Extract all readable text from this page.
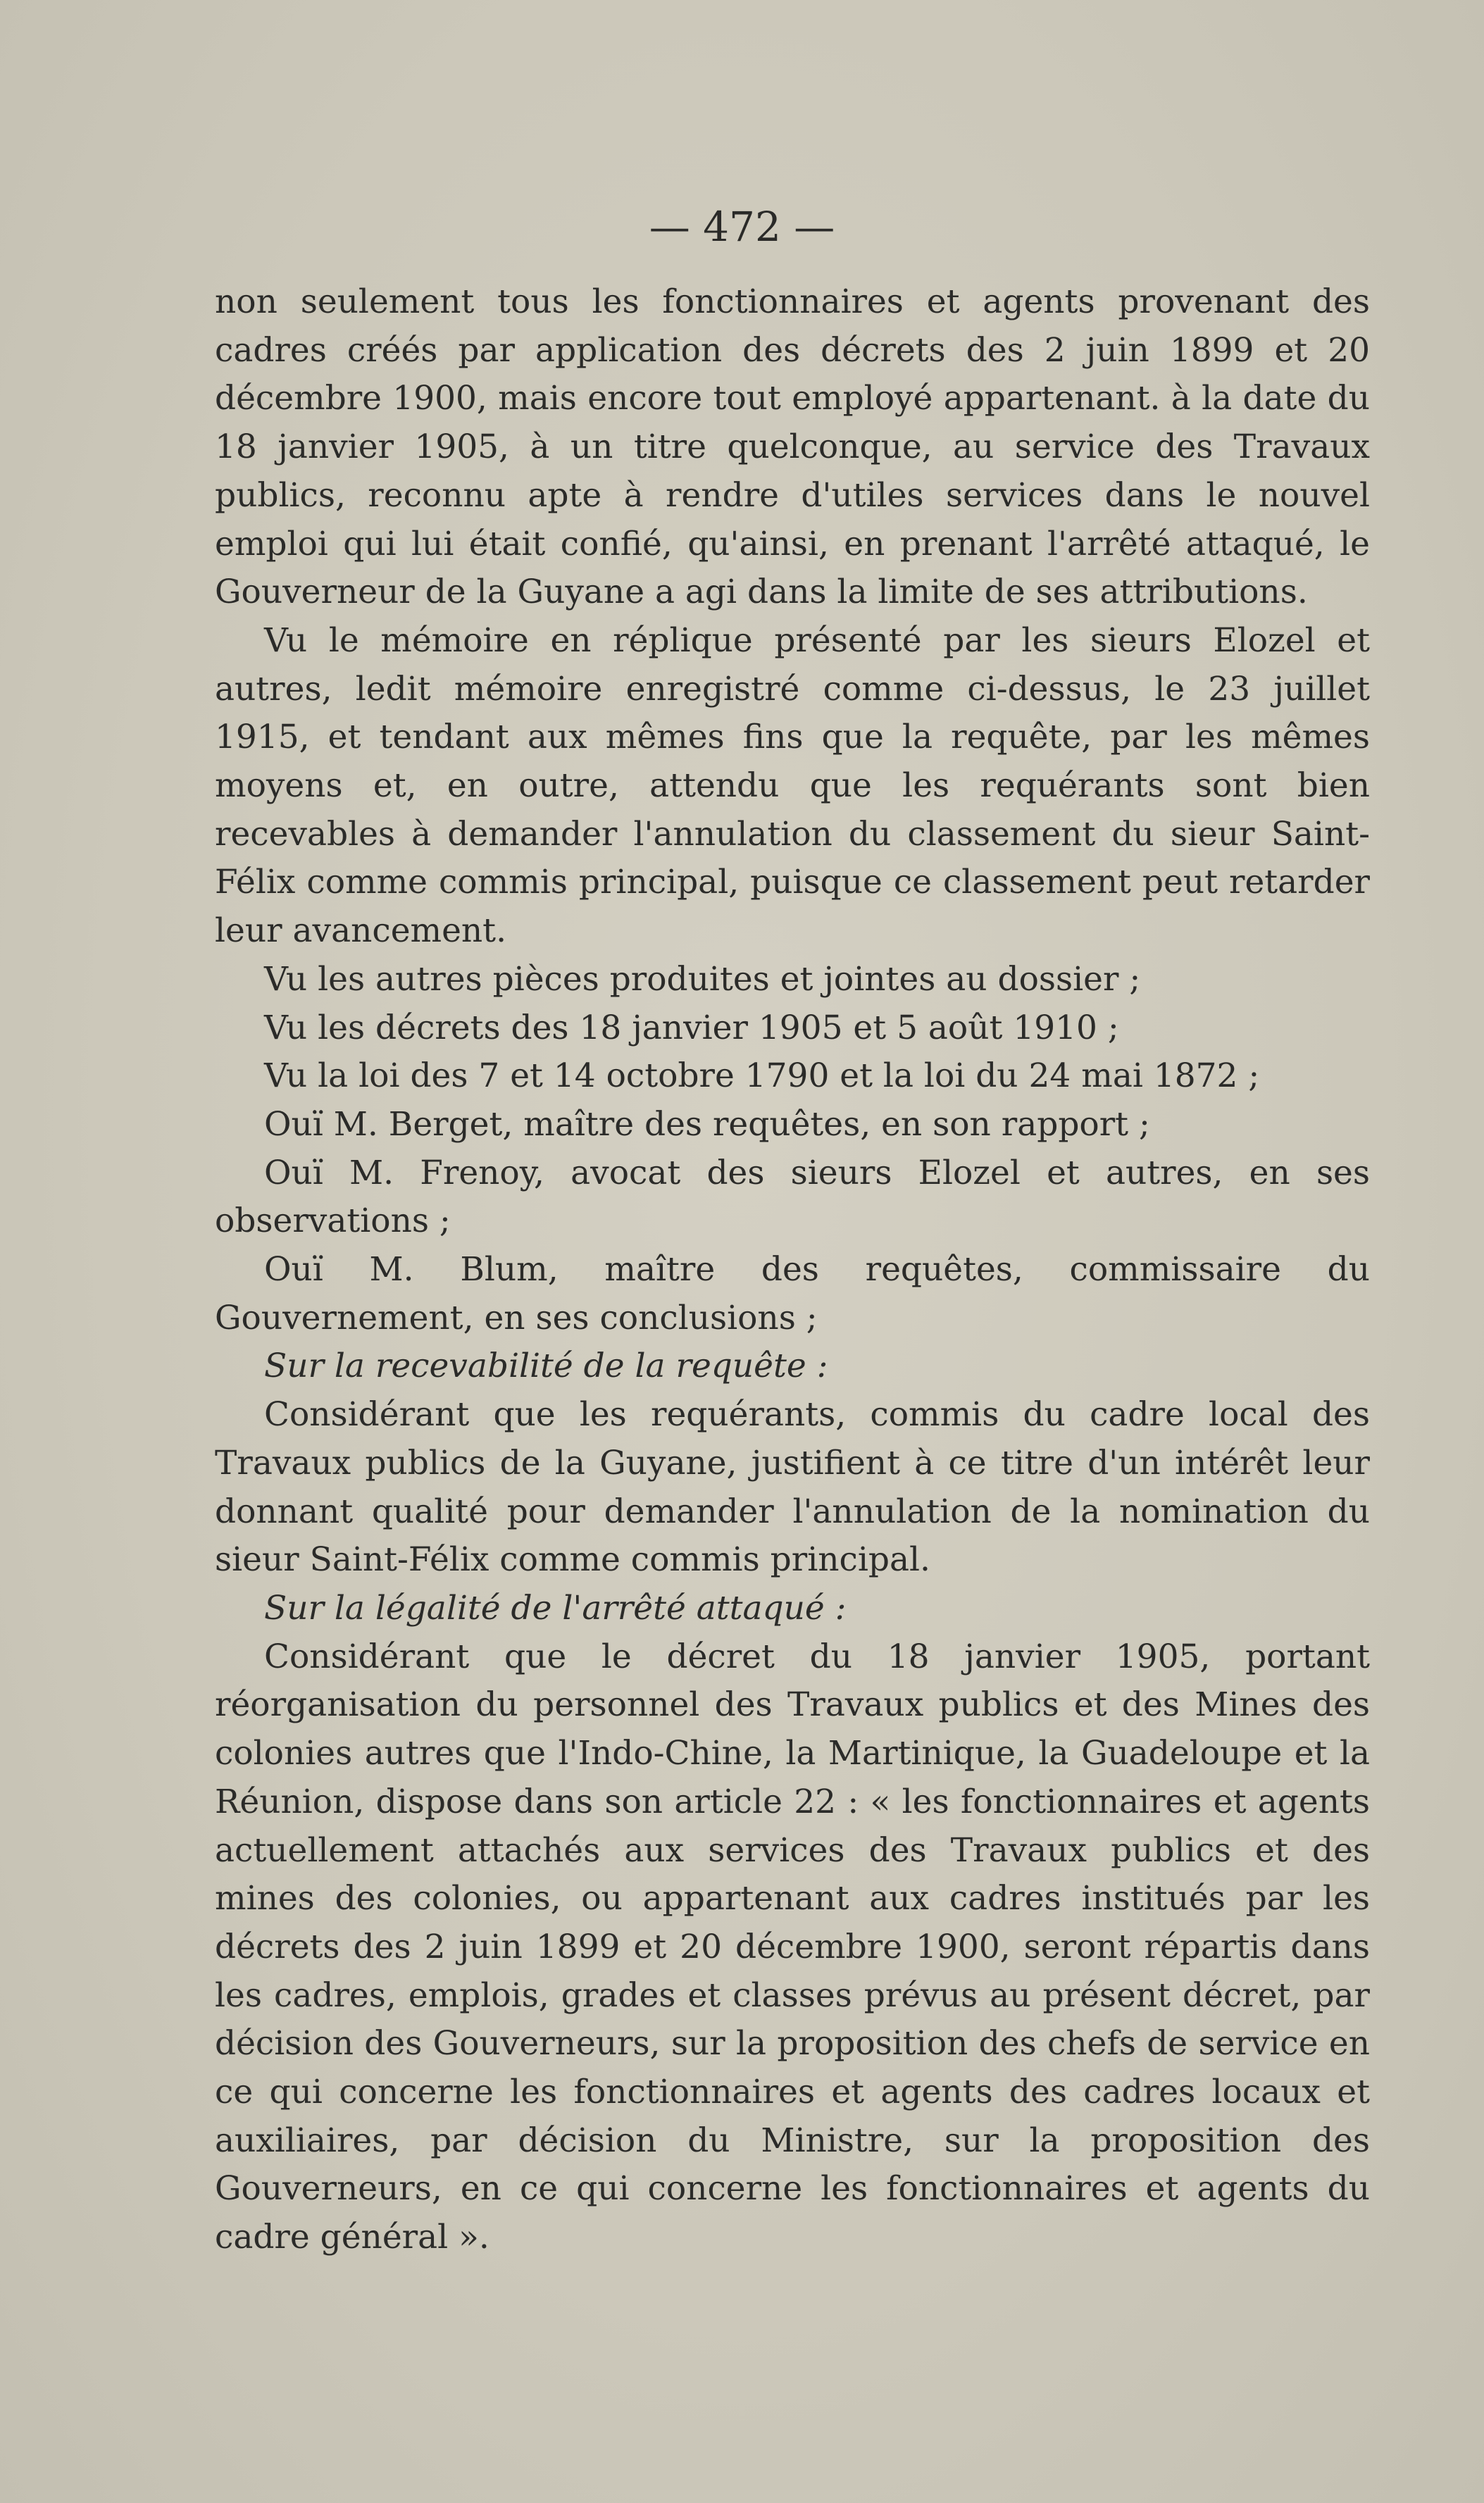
— 472 —

non seulement tous les fonctionnaires et agents provenant des cadres créés par application des décrets des 2 juin 1899 et 20 décembre 1900, mais encore tout employé appartenant. à la date du 18 janvier 1905, à un titre quelconque, au service des Travaux publics, reconnu apte à rendre d'utiles services dans le nouvel emploi qui lui était confié, qu'ainsi, en prenant l'arrêté attaqué, le Gouverneur de la Guyane a agi dans la limite de ses attributions.

Vu le mémoire en réplique présenté par les sieurs Elozel et autres, ledit mémoire enregistré comme ci-dessus, le 23 juillet 1915, et tendant aux mêmes fins que la requête, par les mêmes moyens et, en outre, attendu que les requérants sont bien recevables à demander l'annulation du classement du sieur Saint-Félix comme commis principal, puisque ce classement peut retarder leur avancement.

Vu les autres pièces produites et jointes au dossier ;

Vu les décrets des 18 janvier 1905 et 5 août 1910 ;

Vu la loi des 7 et 14 octobre 1790 et la loi du 24 mai 1872 ;

Ouï M. Berget, maître des requêtes, en son rapport ;

Ouï M. Frenoy, avocat des sieurs Elozel et autres, en ses observations ;

Ouï M. Blum, maître des requêtes, commissaire du Gouvernement, en ses conclusions ;

Sur la recevabilité de la requête :

Considérant que les requérants, commis du cadre local des Travaux publics de la Guyane, justifient à ce titre d'un intérêt leur donnant qualité pour demander l'annulation de la nomination du sieur Saint-Félix comme commis principal.

Sur la légalité de l'arrêté attaqué :

Considérant que le décret du 18 janvier 1905, portant réorganisation du personnel des Travaux publics et des Mines des colonies autres que l'Indo-Chine, la Martinique, la Guadeloupe et la Réunion, dispose dans son article 22 : « les fonctionnaires et agents actuellement attachés aux services des Travaux publics et des mines des colonies, ou appartenant aux cadres institués par les décrets des 2 juin 1899 et 20 décembre 1900, seront répartis dans les cadres, emplois, grades et classes prévus au présent décret, par décision des Gouverneurs, sur la proposition des chefs de service en ce qui concerne les fonctionnaires et agents des cadres locaux et auxiliaires, par décision du Ministre, sur la proposition des Gouverneurs, en ce qui concerne les fonctionnaires et agents du cadre général ».
